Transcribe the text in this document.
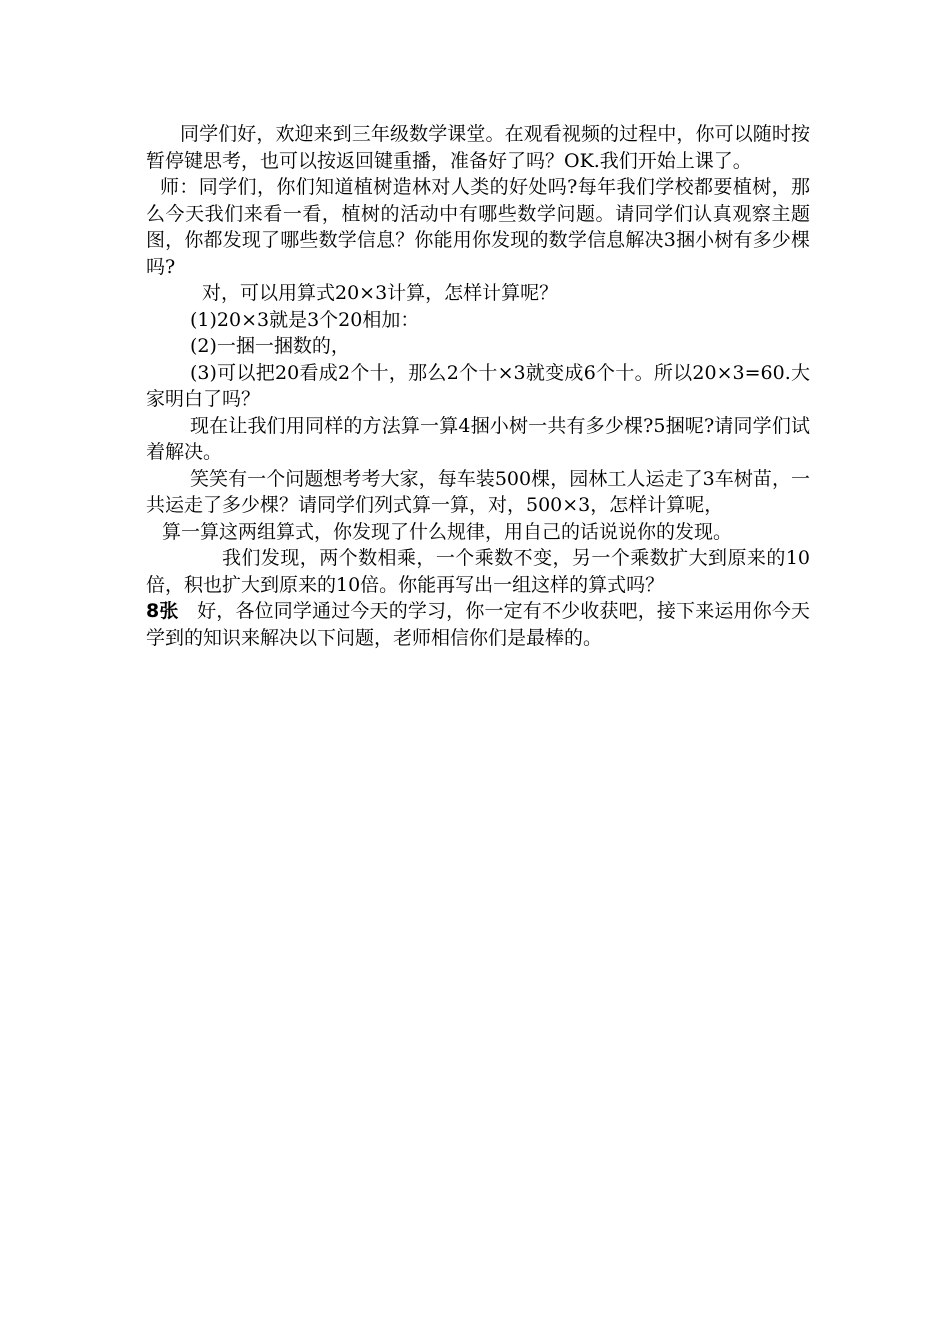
同学们好，欢迎来到三年级数学课堂。在观看视频的过程中，你可以随时按暂停键思考，也可以按返回键重播，准备好了吗？OK.我们开始上课了。

师：同学们，你们知道植树造林对人类的好处吗?每年我们学校都要植树，那么今天我们来看一看，植树的活动中有哪些数学问题。请同学们认真观察主题图，你都发现了哪些数学信息？你能用你发现的数学信息解决3捆小树有多少棵吗?

对，可以用算式20×3计算，怎样计算呢？

(1)20×3就是3个20相加：

(2)一捆一捆数的，

(3)可以把20看成2个十，那么2个十×3就变成6个十。所以20×3=60.大家明白了吗？

现在让我们用同样的方法算一算4捆小树一共有多少棵?5捆呢?请同学们试着解决。

笑笑有一个问题想考考大家，每车装500棵，园林工人运走了3车树苗，一共运走了多少棵？请同学们列式算一算，对，500×3，怎样计算呢，

算一算这两组算式，你发现了什么规律，用自己的话说说你的发现。

我们发现，两个数相乘，一个乘数不变，另一个乘数扩大到原来的10倍，积也扩大到原来的10倍。你能再写出一组这样的算式吗？

8张 好，各位同学通过今天的学习，你一定有不少收获吧，接下来运用你今天学到的知识来解决以下问题，老师相信你们是最棒的。
